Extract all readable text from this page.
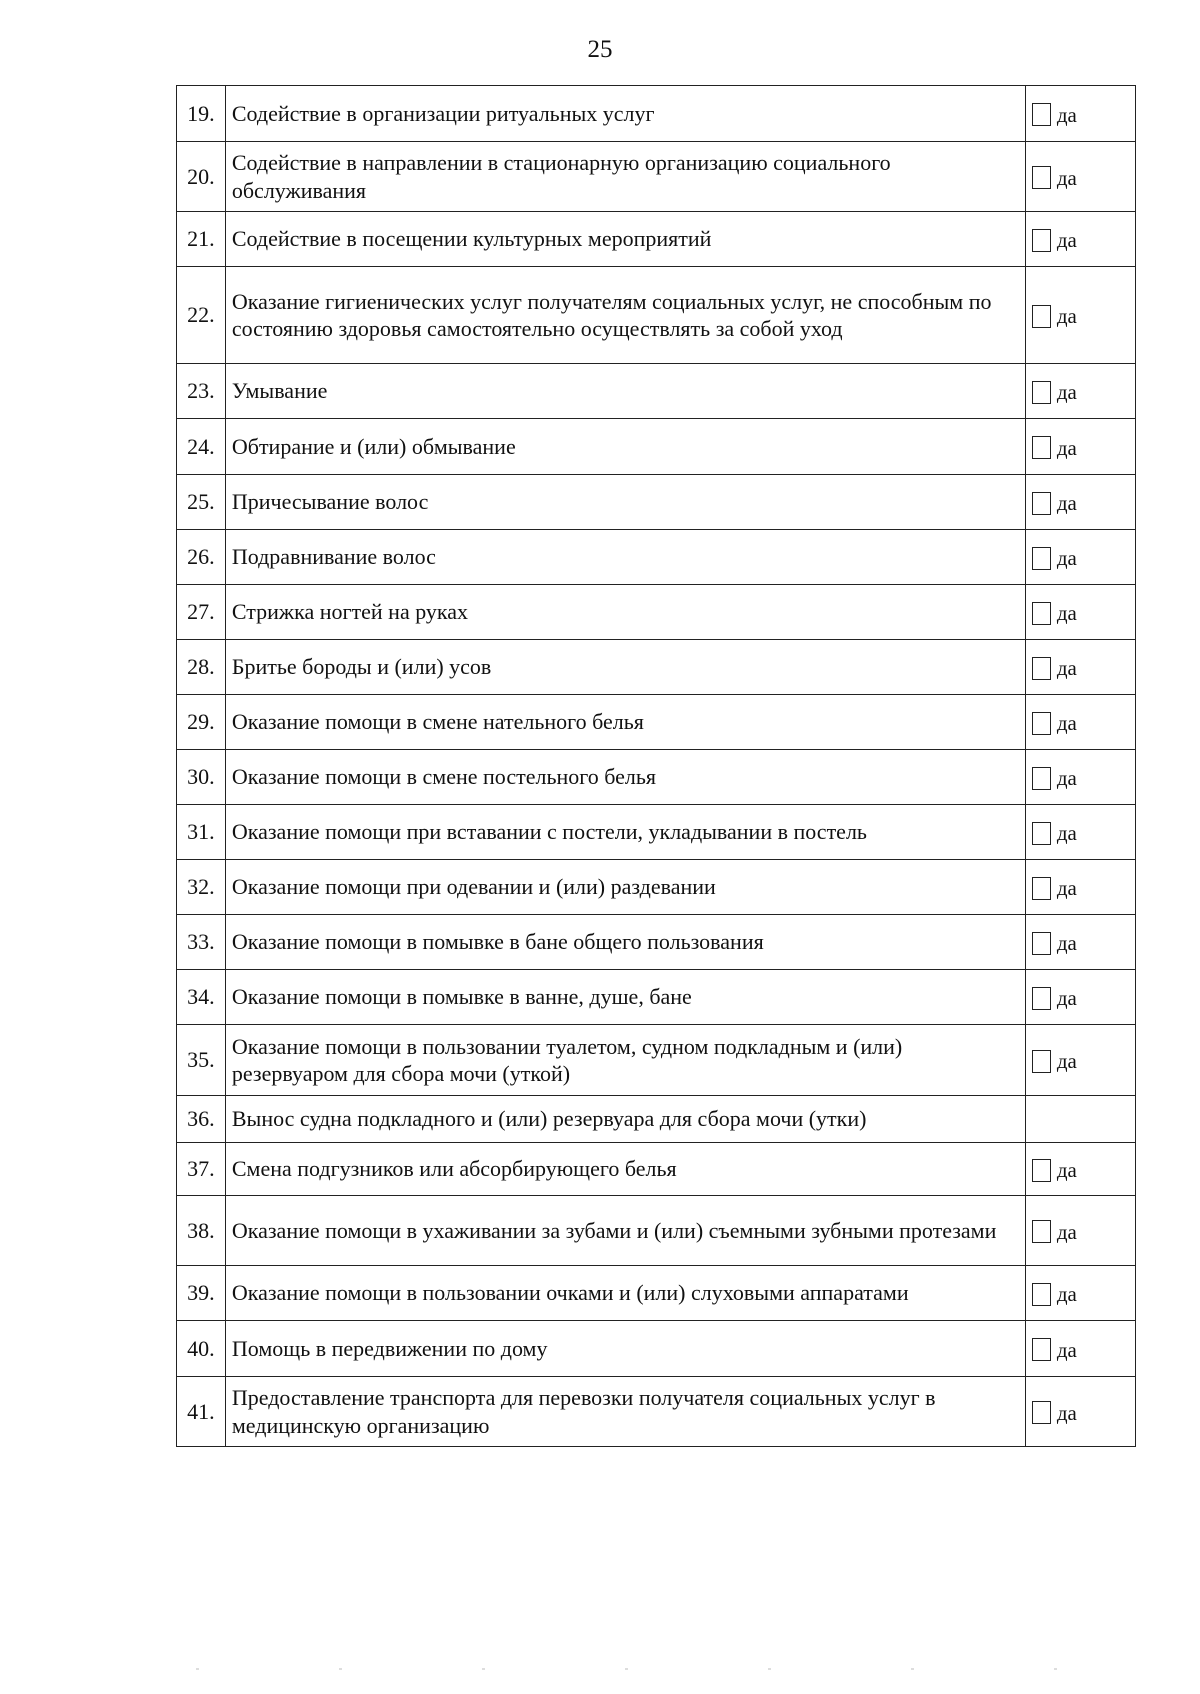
25
19.	Содействие в организации ритуальных услуг	да
20.	Содействие в направлении в стационарную организацию социального обслуживания	да
21.	Содействие в посещении культурных мероприятий	да
22.	Оказание гигиенических услуг получателям социальных услуг, не способным по состоянию здоровья самостоятельно осуществлять за собой уход	да
23.	Умывание	да
24.	Обтирание и (или) обмывание	да
25.	Причесывание волос	да
26.	Подравнивание волос	да
27.	Стрижка ногтей на руках	да
28.	Бритье бороды и (или) усов	да
29.	Оказание помощи в смене нательного белья	да
30.	Оказание помощи в смене постельного белья	да
31.	Оказание помощи при вставании с постели, укладывании в постель	да
32.	Оказание помощи при одевании и (или) раздевании	да
33.	Оказание помощи в помывке в бане общего пользования	да
34.	Оказание помощи в помывке в ванне, душе, бане	да
35.	Оказание помощи в пользовании туалетом, судном подкладным и (или) резервуаром для сбора мочи (уткой)	да
36.	Вынос судна подкладного и (или) резервуара для сбора мочи (утки)	
37.	Смена подгузников или абсорбирующего белья	да
38.	Оказание помощи в ухаживании за зубами и (или) съемными зубными протезами	да
39.	Оказание помощи в пользовании очками и (или) слуховыми аппаратами	да
40.	Помощь в передвижении по дому	да
41.	Предоставление транспорта для перевозки получателя социальных услуг в медицинскую организацию	да
